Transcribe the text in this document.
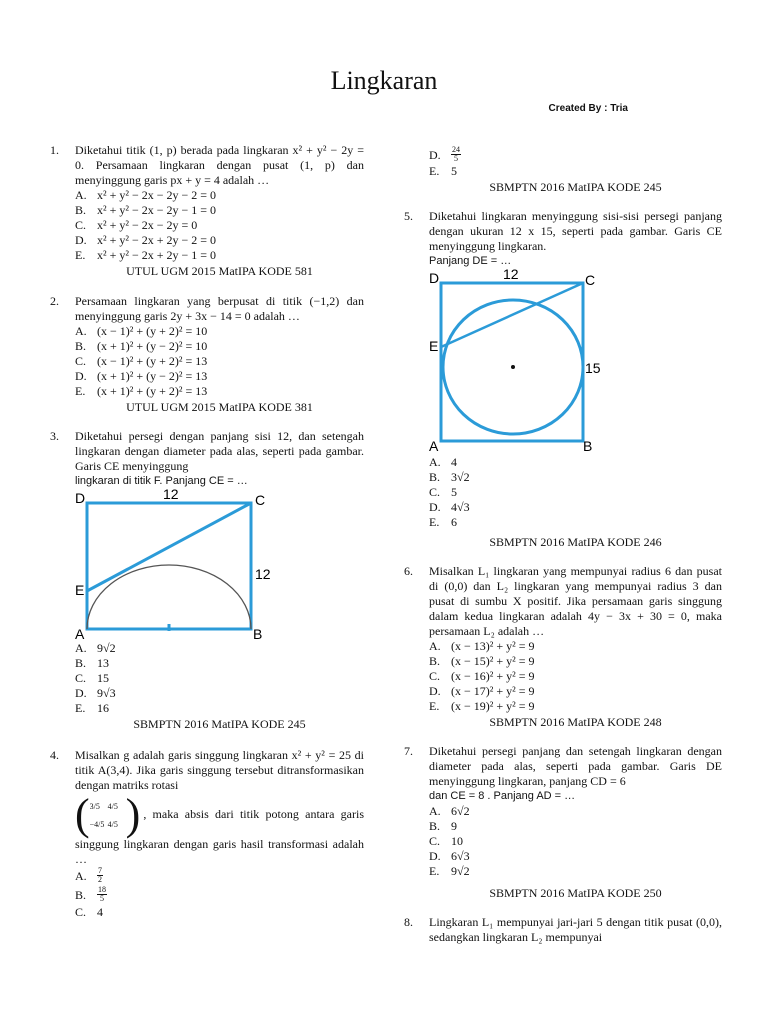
Lingkaran
Created By : Tria
1. Diketahui titik (1, p) berada pada lingkaran x² + y² − 2y = 0. Persamaan lingkaran dengan pusat (1, p) dan menyinggung garis px + y = 4 adalah …
A. x² + y² − 2x − 2y − 2 = 0
B. x² + y² − 2x − 2y − 1 = 0
C. x² + y² − 2x − 2y = 0
D. x² + y² − 2x + 2y − 2 = 0
E. x² + y² − 2x + 2y − 1 = 0
UTUL UGM 2015 MatIPA KODE 581
2. Persamaan lingkaran yang berpusat di titik (−1,2) dan menyinggung garis 2y + 3x − 14 = 0 adalah …
A. (x − 1)² + (y + 2)² = 10
B. (x + 1)² + (y − 2)² = 10
C. (x − 1)² + (y + 2)² = 13
D. (x + 1)² + (y − 2)² = 13
E. (x + 1)² + (y + 2)² = 13
UTUL UGM 2015 MatIPA KODE 381
3. Diketahui persegi dengan panjang sisi 12, dan setengah lingkaran dengan diameter pada alas, seperti pada gambar. Garis CE menyinggung
lingkaran di titik F. Panjang CE = …
D	C
E
A	B
12
12
A. 9√2
B. 13
C. 15
D. 9√3
E. 16
SBMPTN 2016 MatIPA KODE 245
4. Misalkan g adalah garis singgung lingkaran x² + y² = 25 di titik A(3,4). Jika garis singgung tersebut ditransformasikan dengan matriks rotasi
( 3/5 4/5
−4/5 4/5 ) , maka absis dari titik potong antara garis singgung lingkaran dengan garis hasil transformasi adalah …
A.	$\frac{7}{2}$
B.	$\frac{18}{5}$
C. 4
D.	$\frac{24}{5}$
E. 5
SBMPTN 2016 MatIPA KODE 245
5. Diketahui lingkaran menyinggung sisi-sisi persegi panjang dengan ukuran 12 x 15, seperti pada gambar. Garis CE menyinggung lingkaran.
Panjang DE = …
D	C
E
A	B
12
15
A. 4
B. 3√2
C. 5
D. 4√3
E. 6
SBMPTN 2016 MatIPA KODE 246
6. Misalkan L₁ lingkaran yang mempunyai radius 6 dan pusat di (0,0) dan L₂ lingkaran yang mempunyai radius 3 dan pusat di sumbu X positif. Jika persamaan garis singgung dalam kedua lingkaran adalah 4y − 3x + 30 = 0, maka persamaan L₂ adalah …
A. (x − 13)² + y² = 9
B. (x − 15)² + y² = 9
C. (x − 16)² + y² = 9
D. (x − 17)² + y² = 9
E. (x − 19)² + y² = 9
SBMPTN 2016 MatIPA KODE 248
7. Diketahui persegi panjang dan setengah lingkaran dengan diameter pada alas, seperti pada gambar. Garis DE menyinggung lingkaran, panjang CD = 6
dan CE = 8 . Panjang AD = …
A. 6√2
B. 9
C. 10
D. 6√3
E. 9√2
SBMPTN 2016 MatIPA KODE 250
8. Lingkaran L₁ mempunyai jari-jari 5 dengan titik pusat (0,0), sedangkan lingkaran L₂ mempunyai
